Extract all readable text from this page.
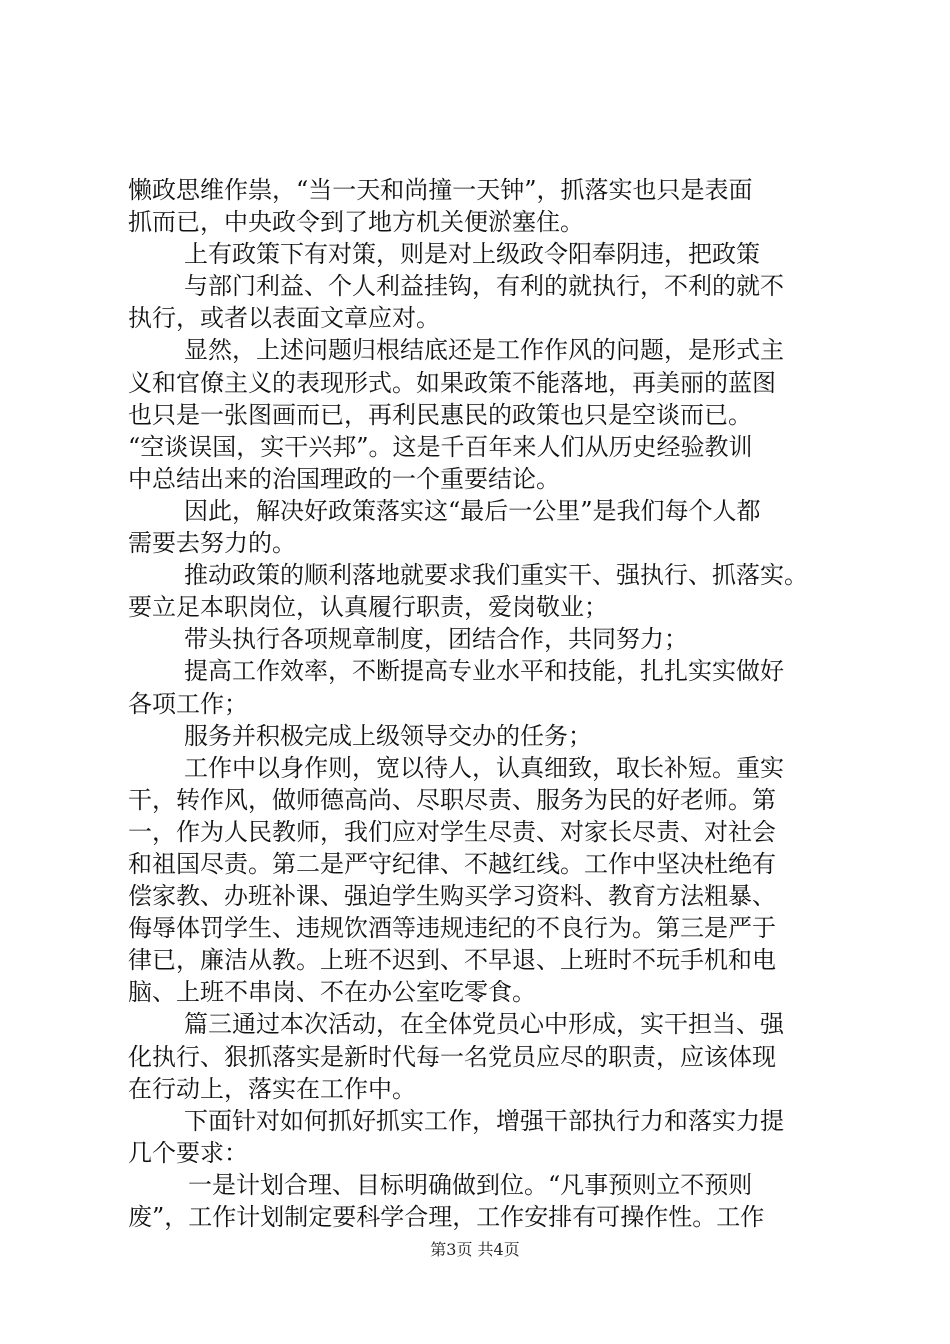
懒政思维作祟，“当一天和尚撞一天钟”，抓落实也只是表面
抓而已，中央政令到了地方机关便淤塞住。
上有政策下有对策，则是对上级政令阳奉阴违，把政策
与部门利益、个人利益挂钩，有利的就执行，不利的就不
执行，或者以表面文章应对。
显然，上述问题归根结底还是工作作风的问题，是形式主
义和官僚主义的表现形式。如果政策不能落地，再美丽的蓝图
也只是一张图画而已，再利民惠民的政策也只是空谈而已。
“空谈误国，实干兴邦”。这是千百年来人们从历史经验教训
中总结出来的治国理政的一个重要结论。
因此，解决好政策落实这“最后一公里”是我们每个人都
需要去努力的。
推动政策的顺利落地就要求我们重实干、强执行、抓落实。
要立足本职岗位，认真履行职责，爱岗敬业；
带头执行各项规章制度，团结合作，共同努力；
提高工作效率，不断提高专业水平和技能，扎扎实实做好
各项工作；
服务并积极完成上级领导交办的任务；
工作中以身作则，宽以待人，认真细致，取长补短。重实
干，转作风，做师德高尚、尽职尽责、服务为民的好老师。第
一，作为人民教师，我们应对学生尽责、对家长尽责、对社会
和祖国尽责。第二是严守纪律、不越红线。工作中坚决杜绝有
偿家教、办班补课、强迫学生购买学习资料、教育方法粗暴、
侮辱体罚学生、违规饮酒等违规违纪的不良行为。第三是严于
律已，廉洁从教。上班不迟到、不早退、上班时不玩手机和电
脑、上班不串岗、不在办公室吃零食。
篇三通过本次活动，在全体党员心中形成，实干担当、强
化执行、狠抓落实是新时代每一名党员应尽的职责，应该体现
在行动上，落实在工作中。
下面针对如何抓好抓实工作，增强干部执行力和落实力提
几个要求：
一是计划合理、目标明确做到位。“凡事预则立不预则
废”，工作计划制定要科学合理，工作安排有可操作性。工作
第3页 共4页
